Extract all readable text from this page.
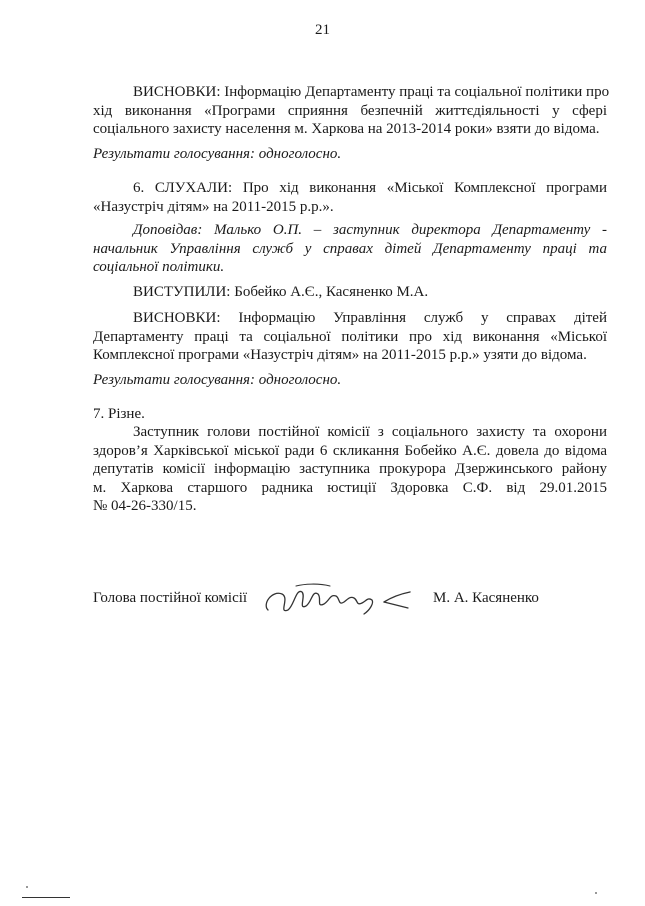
21
ВИСНОВКИ: Інформацію Департаменту праці та соціальної політики про
хід виконання «Програми сприяння безпечній життєдіяльності у сфері
соціального захисту населення м. Харкова на 2013-2014 роки» взяти до відома.
Результати голосування: одноголосно.
6. СЛУХАЛИ: Про хід виконання «Міської Комплексної програми
«Назустріч дітям» на 2011-2015 р.р.».
Доповідав: Малько О.П. – заступник директора Департаменту -
начальник Управління служб у справах дітей Департаменту праці та
соціальної політики.
ВИСТУПИЛИ: Бобейко А.Є., Касяненко М.А.
ВИСНОВКИ: Інформацію Управління служб у справах дітей
Департаменту праці та соціальної політики про хід виконання «Міської
Комплексної програми «Назустріч дітям» на 2011-2015 р.р.» узяти до відома.
Результати голосування: одноголосно.
7. Різне.
Заступник голови постійної комісії з соціального захисту та охорони
здоров’я Харківської міської ради 6 скликання Бобейко А.Є. довела до відома
депутатів комісії інформацію заступника прокурора Дзержинського району
м. Харкова старшого радника юстиції Здоровка С.Ф. від 29.01.2015
№ 04-26-330/15.
Голова постійної комісії	М. А. Касяненко
